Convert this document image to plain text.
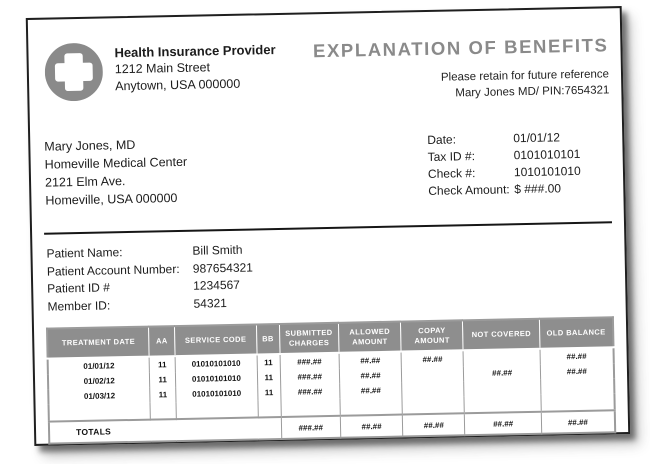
Health Insurance Provider
1212 Main Street
Anytown, USA 000000
EXPLANATION OF BENEFITS
Please retain for future reference
Mary Jones MD/ PIN:7654321
Mary Jones, MD
Homeville Medical Center
2121 Elm Ave.
Homeville, USA 000000
Date:	01/01/12
Tax ID #:	0101010101
Check #:	1010101010
Check Amount: $ ###.00
Patient Name:	Bill Smith
Patient Account Number:	987654321
Patient ID #	1234567
Member ID:	54321
TREATMENT DATE	AA	SERVICE CODE	BB	SUBMITTED CHARGES	ALLOWED AMOUNT	COPAY AMOUNT	NOT COVERED	OLD BALANCE
01/01/12	11	01010101010	11	###.##	##.##	##.##		##.##
01/02/12	11	01010101010	11	###.##	##.##		##.##	##.##
01/03/12	11	01010101010	11	###.##	##.##			

TOTALS				###.##	##.##	##.##	##.##	##.##
